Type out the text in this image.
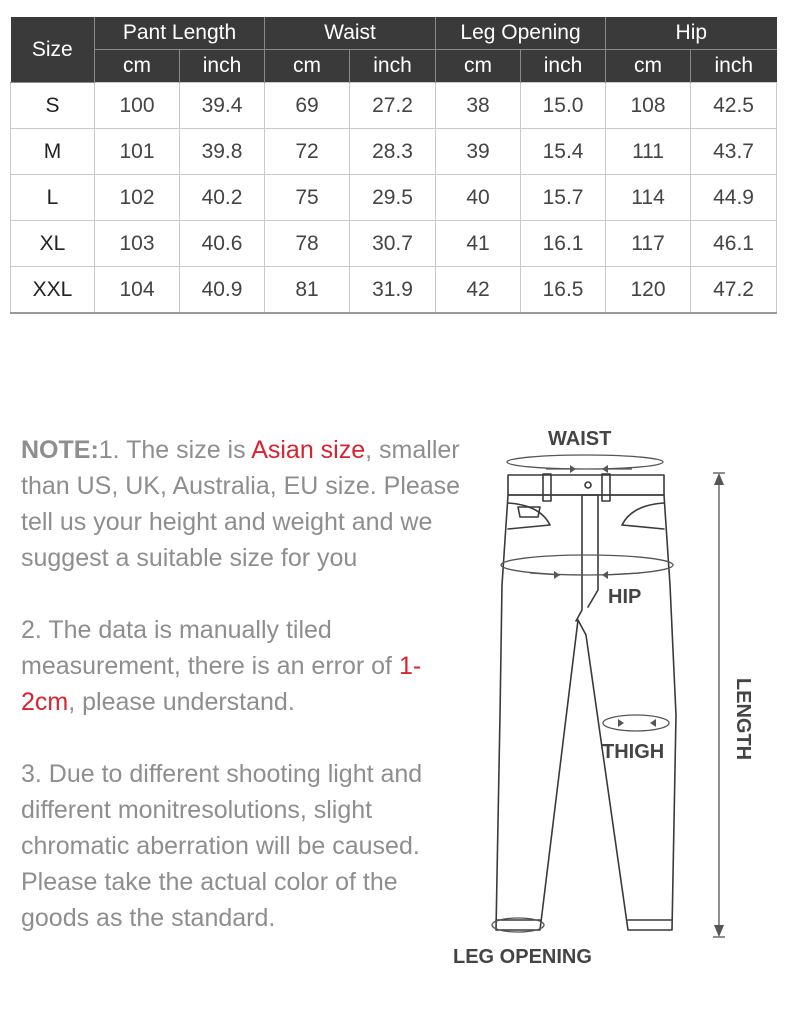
Size	Pant Length		Waist		Leg Opening		Hip	
	cm	inch	cm	inch	cm	inch	cm	inch
S	100	39.4	69	27.2	38	15.0	108	42.5
M	101	39.8	72	28.3	39	15.4	111	43.7
L	102	40.2	75	29.5	40	15.7	114	44.9
XL	103	40.6	78	30.7	41	16.1	117	46.1
XXL	104	40.9	81	31.9	42	16.5	120	47.2

NOTE:1. The size is Asian size, smaller than US, UK, Australia, EU size. Please tell us your height and weight and we suggest a suitable size for you

2. The data is manually tiled measurement, there is an error of 1-2cm, please understand.

3. Due to different shooting light and different monitresolutions, slight chromatic aberration will be caused. Please take the actual color of the goods as the standard.

WAIST
HIP
THIGH
LEG OPENING
LENGTH
